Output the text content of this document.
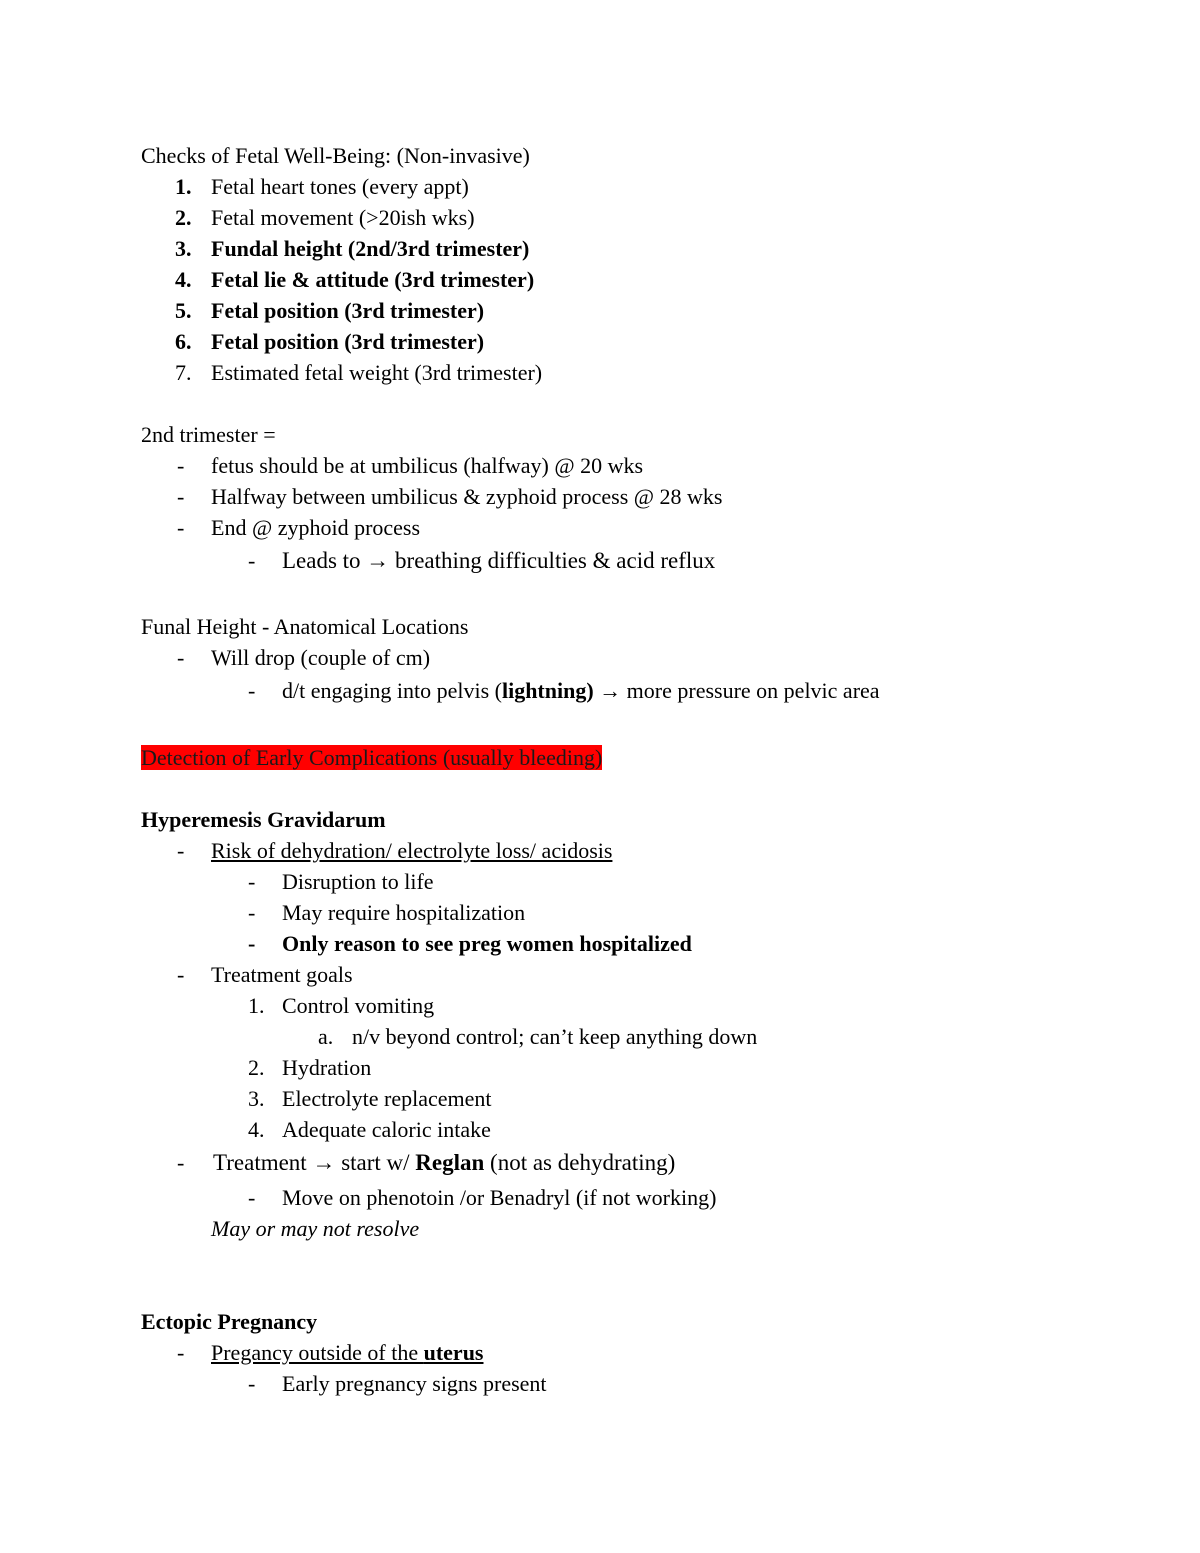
Checks of Fetal Well-Being: (Non-invasive)
1. Fetal heart tones (every appt)
2. Fetal movement (>20ish wks)
3. Fundal height (2nd/3rd trimester)
4. Fetal lie & attitude (3rd trimester)
5. Fetal position (3rd trimester)
6. Fetal position (3rd trimester)
7. Estimated fetal weight (3rd trimester)
2nd trimester =
- fetus should be at umbilicus (halfway) @ 20 wks
- Halfway between umbilicus & zyphoid process @ 28 wks
- End @ zyphoid process
- Leads to → breathing difficulties & acid reflux
Funal Height - Anatomical Locations
- Will drop (couple of cm)
- d/t engaging into pelvis (lightning) → more pressure on pelvic area
Detection of Early Complications (usually bleeding)
Hyperemesis Gravidarum
- Risk of dehydration/ electrolyte loss/ acidosis
- Disruption to life
- May require hospitalization
- Only reason to see preg women hospitalized
- Treatment goals
1. Control vomiting
a. n/v beyond control; can’t keep anything down
2. Hydration
3. Electrolyte replacement
4. Adequate caloric intake
- Treatment → start w/ Reglan (not as dehydrating)
- Move on phenotoin /or Benadryl (if not working)
May or may not resolve
Ectopic Pregnancy
- Pregancy outside of the uterus
- Early pregnancy signs present
